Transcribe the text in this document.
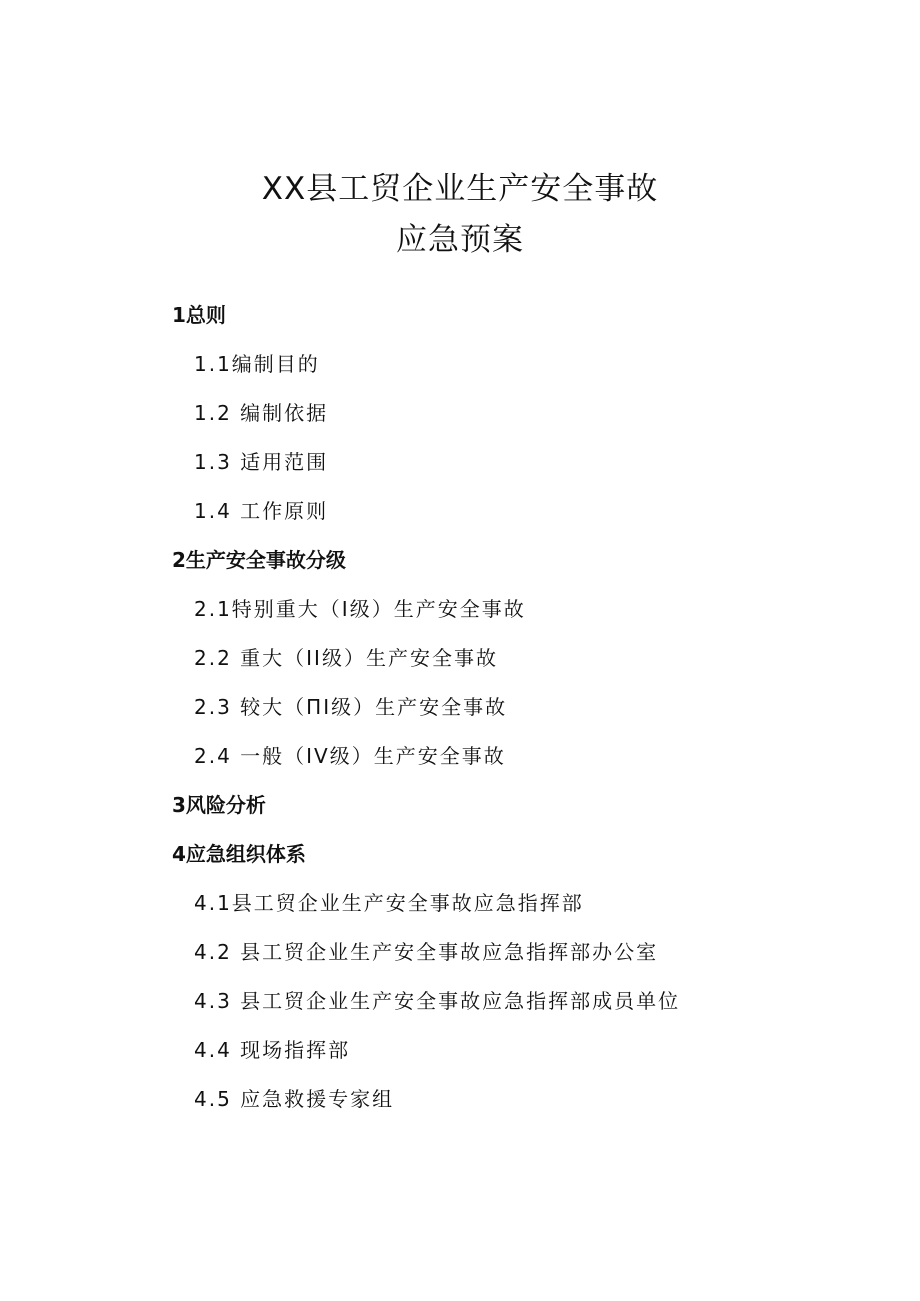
XX县工贸企业生产安全事故
应急预案
1总则
1.1编制目的
1.2 编制依据
1.3 适用范围
1.4 工作原则
2生产安全事故分级
2.1特别重大（I级）生产安全事故
2.2 重大（II级）生产安全事故
2.3 较大（ΠI级）生产安全事故
2.4 一般（IV级）生产安全事故
3风险分析
4应急组织体系
4.1县工贸企业生产安全事故应急指挥部
4.2 县工贸企业生产安全事故应急指挥部办公室
4.3 县工贸企业生产安全事故应急指挥部成员单位
4.4 现场指挥部
4.5 应急救援专家组
